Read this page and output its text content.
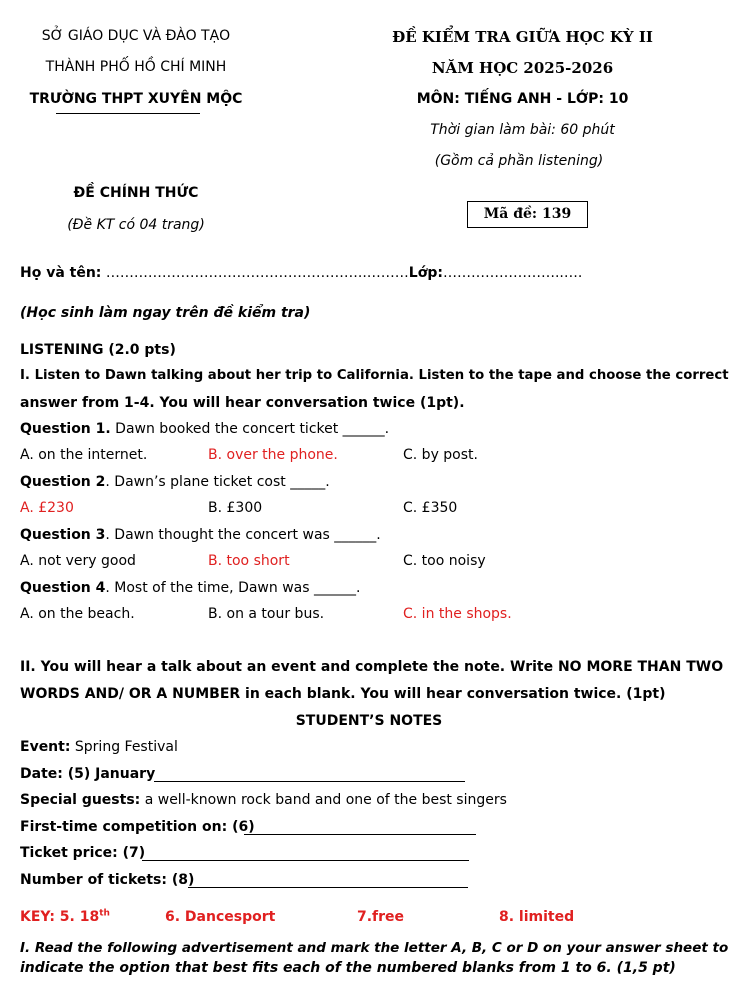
SỞ GIÁO DỤC VÀ ĐÀO TẠO
THÀNH PHỐ HỒ CHÍ MINH
TRƯỜNG THPT XUYÊN MỘC
ĐỀ KIỂM TRA GIỮA HỌC KỲ II
NĂM HỌC 2025-2026
MÔN: TIẾNG ANH - LỚP: 10
Thời gian làm bài: 60 phút
(Gồm cả phần listening)
ĐỀ CHÍNH THỨC
(Đề KT có 04 trang)
Mã đề: 139
Họ và tên: ………………………………………………..………Lớp:……………………..….
(Học sinh làm ngay trên đề kiểm tra)
LISTENING (2.0 pts)
I. Listen to Dawn talking about her trip to California. Listen to the tape and choose the correct
answer from 1-4. You will hear conversation twice (1pt).
Question 1. Dawn booked the concert ticket ______.
A. on the internet.	B. over the phone.	C. by post.
Question 2. Dawn’s plane ticket cost _____.
A. £230	B. £300	C. £350
Question 3. Dawn thought the concert was ______.
A. not very good	B. too short	C. too noisy
Question 4. Most of the time, Dawn was ______.
A. on the beach.	B. on a tour bus.	C. in the shops.
II. You will hear a talk about an event and complete the note. Write NO MORE THAN TWO
WORDS AND/ OR A NUMBER in each blank. You will hear conversation twice. (1pt)
STUDENT’S NOTES
Event: Spring Festival
Date: (5) January
Special guests: a well-known rock band and one of the best singers
First-time competition on: (6)
Ticket price: (7)
Number of tickets: (8)
KEY: 5. 18th	6. Dancesport	7.free	8. limited
I. Read the following advertisement and mark the letter A, B, C or D on your answer sheet to
indicate the option that best fits each of the numbered blanks from 1 to 6. (1,5 pt)
